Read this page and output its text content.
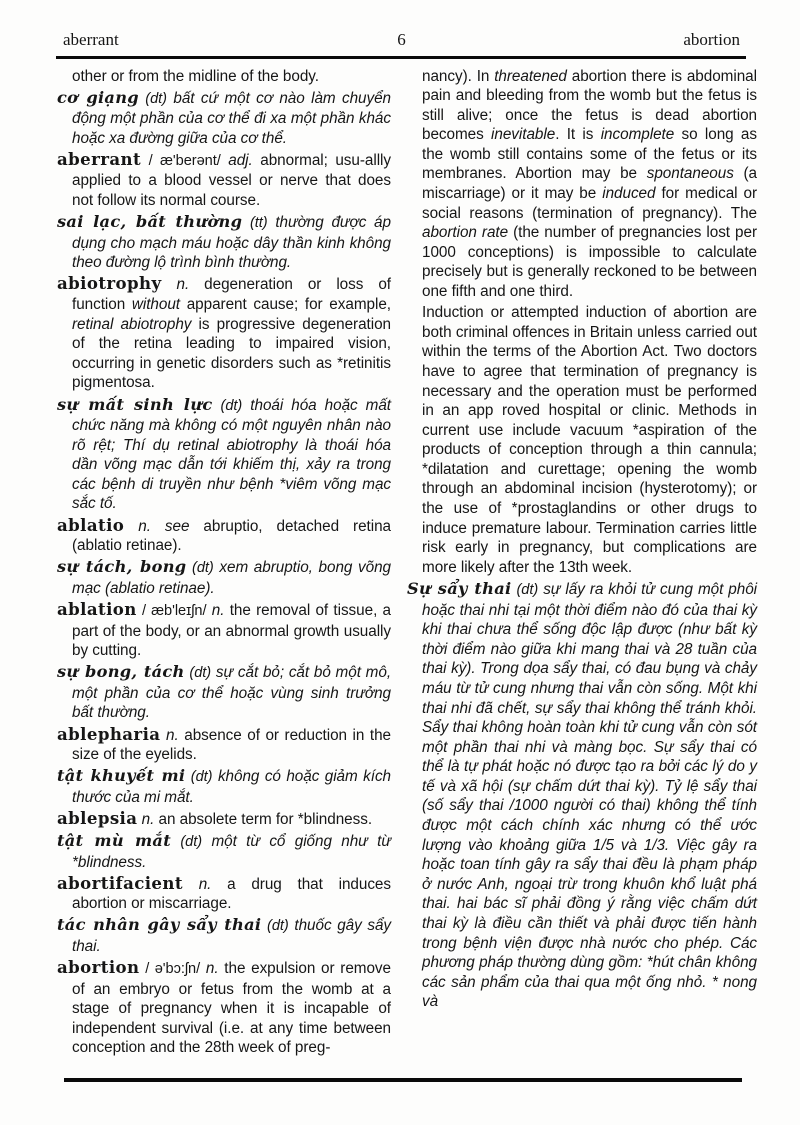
aberrant	6	abortion

other or from the midline of the body.

cơ giạng (dt) bất cứ một cơ nào làm chuyển động một phần của cơ thể đi xa một phần khác hoặc xa đường giữa của cơ thể.

aberrant / æ'berənt/ adj. abnormal; usu-allly applied to a blood vessel or nerve that does not follow its normal course.

sai lạc, bất thường (tt) thường được áp dụng cho mạch máu hoặc dây thần kinh không theo đường lộ trình bình thường.

abiotrophy n. degeneration or loss of function without apparent cause; for example, retinal abiotrophy is progressive degeneration of the retina leading to impaired vision, occurring in genetic disorders such as *retinitis pigmentosa.

sự mất sinh lực (dt) thoái hóa hoặc mất chức năng mà không có một nguyên nhân nào rõ rệt; Thí dụ retinal abiotrophy là thoái hóa dần võng mạc dẫn tới khiếm thị, xảy ra trong các bệnh di truyền như bệnh *viêm võng mạc sắc tố.

ablatio n. see abruptio, detached retina (ablatio retinae).

sự tách, bong (dt) xem abruptio, bong võng mạc (ablatio retinae).

ablation / æb'leɪʃn/ n. the removal of tissue, a part of the body, or an abnormal growth usually by cutting.

sự bong, tách (dt) sự cắt bỏ; cắt bỏ một mô, một phần của cơ thể hoặc vùng sinh trưởng bất thường.

ablepharia n. absence of or reduction in the size of the eyelids.

tật khuyết mi (dt) không có hoặc giảm kích thước của mi mắt.

ablepsia n. an absolete term for *blindness.

tật mù mắt (dt) một từ cổ giống như từ *blindness.

abortifacient n. a drug that induces abortion or miscarriage.

tác nhân gây sẩy thai (dt) thuốc gây sẩy thai.

abortion / ə'bɔ:ʃn/ n. the expulsion or remove of an embryo or fetus from the womb at a stage of pregnancy when it is incapable of independent survival (i.e. at any time between conception and the 28th week of preg-

nancy). In threatened abortion there is abdominal pain and bleeding from the womb but the fetus is still alive; once the fetus is dead abortion becomes inevitable. It is incomplete so long as the womb still contains some of the fetus or its membranes. Abortion may be spontaneous (a miscarriage) or it may be induced for medical or social reasons (termination of pregnancy). The abortion rate (the number of pregnancies lost per 1000 conceptions) is impossible to calculate precisely but is generally reckoned to be between one fifth and one third.

Induction or attempted induction of abortion are both criminal offences in Britain unless carried out within the terms of the Abortion Act. Two doctors have to agree that termination of pregnancy is necessary and the operation must be performed in an app roved hospital or clinic. Methods in current use include vacuum *aspiration of the products of conception through a thin cannula; *dilatation and curettage; opening the womb through an abdominal incision (hysterotomy); or the use of *prostaglandins or other drugs to induce premature labour. Termination carries little risk early in pregnancy, but complications are more likely after the 13th week.

Sự sẩy thai (dt) sự lấy ra khỏi tử cung một phôi hoặc thai nhi tại một thời điểm nào đó của thai kỳ khi thai chưa thể sống độc lập được (như bất kỳ thời điểm nào giữa khi mang thai và 28 tuần của thai kỳ). Trong dọa sẩy thai, có đau bụng và chảy máu từ tử cung nhưng thai vẫn còn sống. Một khi thai nhi đã chết, sự sẩy thai không thể tránh khỏi. Sẩy thai không hoàn toàn khi tử cung vẫn còn sót một phần thai nhi và màng bọc. Sự sẩy thai có thể là tự phát hoặc nó được tạo ra bởi các lý do y tế và xã hội (sự chấm dứt thai kỳ). Tỷ lệ sẩy thai (số sẩy thai /1000 người có thai) không thể tính được một cách chính xác nhưng có thể ước lượng vào khoảng giữa 1/5 và 1/3. Việc gây ra hoặc toan tính gây ra sẩy thai đều là phạm pháp ở nước Anh, ngoại trừ trong khuôn khổ luật phá thai. hai bác sĩ phải đồng ý rằng việc chấm dứt thai kỳ là điều cần thiết và phải được tiến hành trong bệnh viện được nhà nước cho phép. Các phương pháp thường dùng gồm: *hút chân không các sản phẩm của thai qua một ống nhỏ. * nong và
